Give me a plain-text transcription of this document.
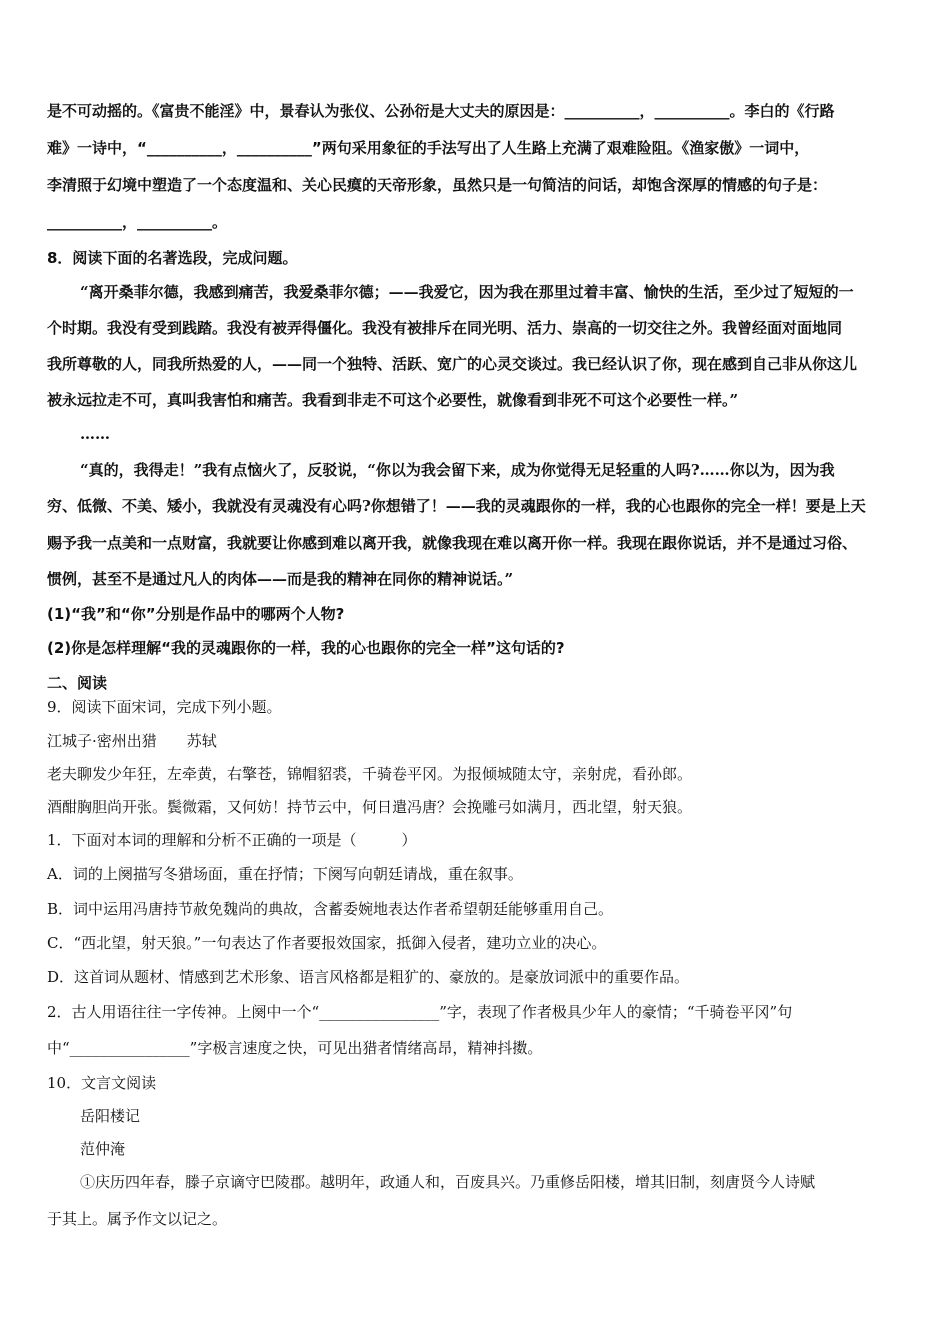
是不可动摇的。《富贵不能淫》中，景春认为张仪、公孙衍是大丈夫的原因是：__________，__________。李白的《行路
难》一诗中，“__________，__________”两句采用象征的手法写出了人生路上充满了艰难险阻。《渔家傲》一词中，
李清照于幻境中塑造了一个态度温和、关心民瘼的天帝形象，虽然只是一句简洁的问话，却饱含深厚的情感的句子是：
__________，__________。
8．阅读下面的名著选段，完成问题。
“离开桑菲尔德，我感到痛苦，我爱桑菲尔德；——我爱它，因为我在那里过着丰富、愉快的生活，至少过了短短的一
个时期。我没有受到践踏。我没有被弄得僵化。我没有被排斥在同光明、活力、崇高的一切交往之外。我曾经面对面地同
我所尊敬的人，同我所热爱的人，——同一个独特、活跃、宽广的心灵交谈过。我已经认识了你，现在感到自己非从你这儿
被永远拉走不可，真叫我害怕和痛苦。我看到非走不可这个必要性，就像看到非死不可这个必要性一样。”
……
“真的，我得走！”我有点恼火了，反驳说，“你以为我会留下来，成为你觉得无足轻重的人吗?……你以为，因为我
穷、低微、不美、矮小，我就没有灵魂没有心吗?你想错了！——我的灵魂跟你的一样，我的心也跟你的完全一样！要是上天
赐予我一点美和一点财富，我就要让你感到难以离开我，就像我现在难以离开你一样。我现在跟你说话，并不是通过习俗、
惯例，甚至不是通过凡人的肉体——而是我的精神在同你的精神说话。”
(1)“我”和“你”分别是作品中的哪两个人物?
(2)你是怎样理解“我的灵魂跟你的一样，我的心也跟你的完全一样”这句话的?
二、阅读
9．阅读下面宋词，完成下列小题。
江城子·密州出猎　　苏轼
老夫聊发少年狂，左牵黄，右擎苍，锦帽貂裘，千骑卷平冈。为报倾城随太守，亲射虎，看孙郎。
酒酣胸胆尚开张。鬓微霜，又何妨！持节云中，何日遣冯唐？会挽雕弓如满月，西北望，射天狼。
1．下面对本词的理解和分析不正确的一项是（　　　）
A．词的上阕描写冬猎场面，重在抒情；下阕写向朝廷请战，重在叙事。
B．词中运用冯唐持节赦免魏尚的典故，含蓄委婉地表达作者希望朝廷能够重用自己。
C．“西北望，射天狼。”一句表达了作者要报效国家，抵御入侵者，建功立业的决心。
D．这首词从题材、情感到艺术形象、语言风格都是粗犷的、豪放的。是豪放词派中的重要作品。
2．古人用语往往一字传神。上阕中一个“________________”字，表现了作者极具少年人的豪情；“千骑卷平冈”句
中“________________”字极言速度之快，可见出猎者情绪高昂，精神抖擞。
10．文言文阅读
岳阳楼记
范仲淹
①庆历四年春，滕子京谪守巴陵郡。越明年，政通人和，百废具兴。乃重修岳阳楼，增其旧制，刻唐贤今人诗赋
于其上。属予作文以记之。
